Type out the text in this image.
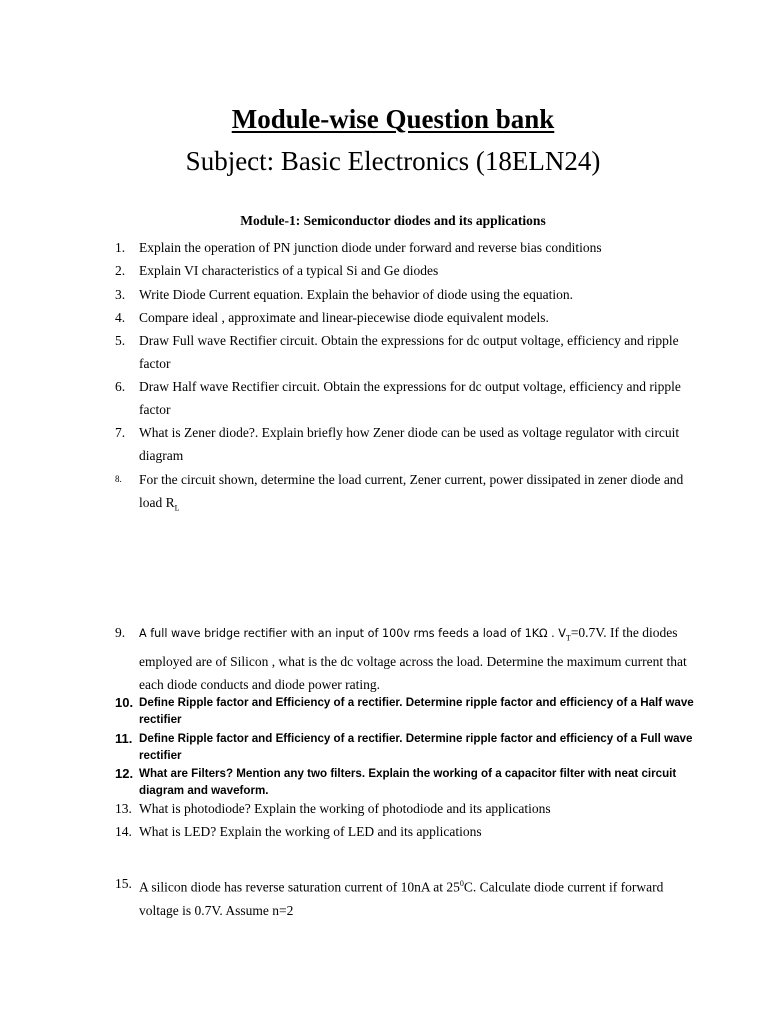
Module-wise Question bank
Subject: Basic Electronics (18ELN24)
Module-1: Semiconductor diodes and its applications
1.	Explain the operation of PN junction diode under forward and reverse bias conditions
2.	Explain VI characteristics of a typical Si and Ge diodes
3.	Write Diode Current equation. Explain the behavior of diode using the equation.
4.	Compare ideal , approximate and linear-piecewise diode equivalent models.
5.	Draw Full wave Rectifier circuit. Obtain the expressions for dc output voltage, efficiency and ripple factor
6.	Draw Half wave Rectifier circuit. Obtain the expressions for dc output voltage, efficiency and ripple factor
7.	What is Zener diode?. Explain briefly how Zener diode can be used as voltage regulator with circuit diagram
8.	For the circuit shown, determine the load current, Zener current, power dissipated in zener diode and load $R_L$
9.	A full wave bridge rectifier with an input of 100v rms feeds a load of 1KΩ . $V_T=0.7V$. If the diodes employed are of Silicon , what is the dc voltage across the load. Determine the maximum current that each diode conducts and diode power rating.
10. Define Ripple factor and Efficiency of a rectifier. Determine ripple factor and efficiency of a Half wave rectifier
11. Define Ripple factor and Efficiency of a rectifier. Determine ripple factor and efficiency of a Full wave rectifier
12. What are Filters? Mention any two filters. Explain the working of a capacitor filter with neat circuit diagram and waveform.
13. What is photodiode? Explain the working of photodiode and its applications
14. What is LED? Explain the working of LED and its applications
15. A silicon diode has reverse saturation current of 10nA at $25^0C$. Calculate diode current if forward voltage is 0.7V. Assume n=2
